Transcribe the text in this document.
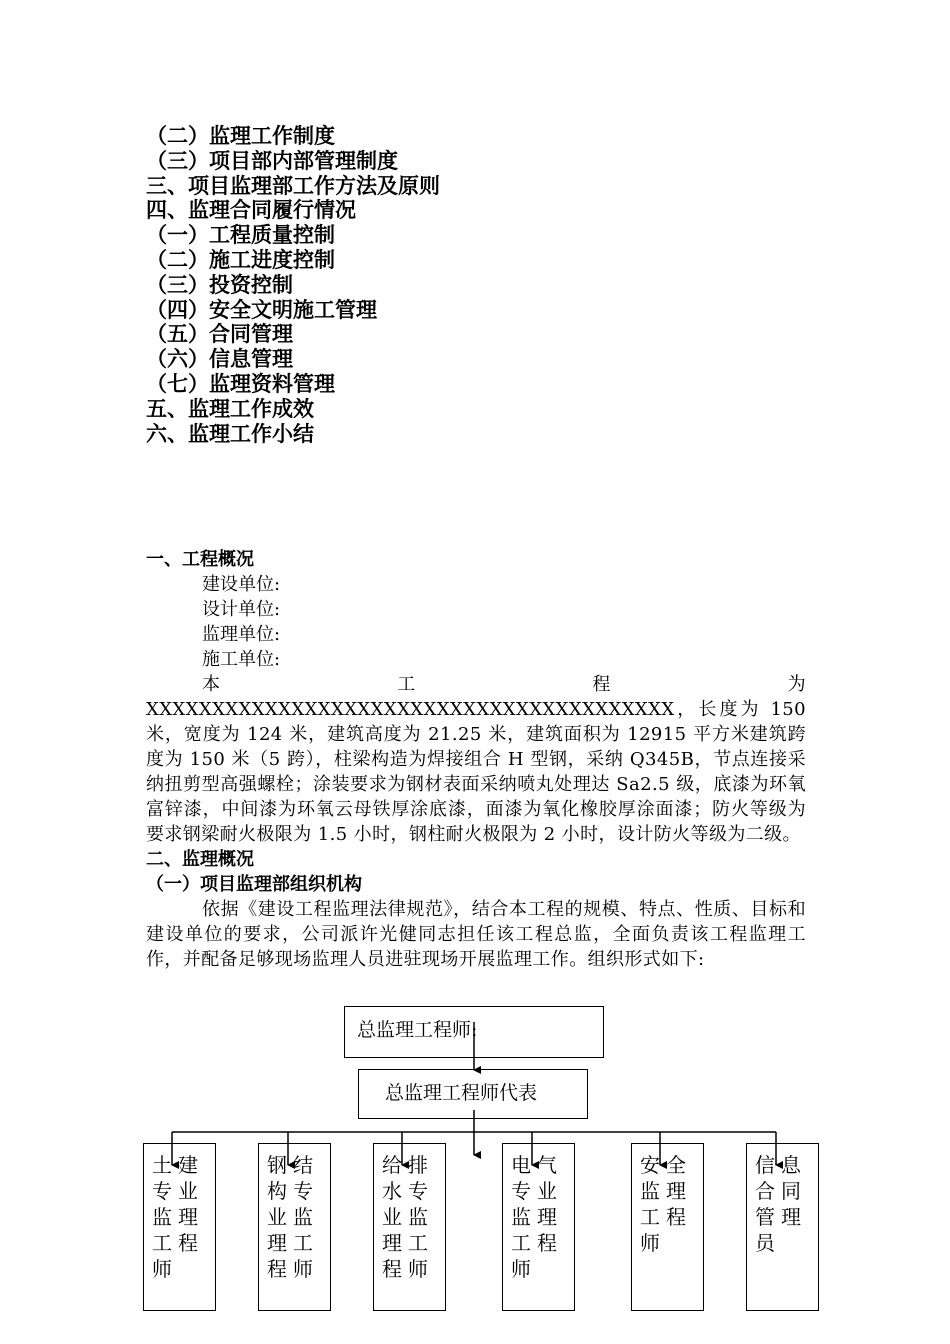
（二）监理工作制度
（三）项目部内部管理制度
三、项目监理部工作方法及原则
四、监理合同履行情况
（一）工程质量控制
（二）施工进度控制
（三）投资控制
（四）安全文明施工管理
（五）合同管理
（六）信息管理
（七）监理资料管理
五、监理工作成效
六、监理工作小结
一、工程概况
建设单位:
设计单位:
监理单位:
施工单位:
本工程为 XXXXXXXXXXXXXXXXXXXXXXXXXXXXXXXXXXXXXXXX，长度为 150 米，宽度为 124 米，建筑高度为 21.25 米，建筑面积为 12915 平方米建筑跨度为 150 米（5 跨），柱梁构造为焊接组合 H 型钢，采纳 Q345B，节点连接采纳扭剪型高强螺栓；涂装要求为钢材表面采纳喷丸处理达 Sa2.5 级，底漆为环氧富锌漆，中间漆为环氧云母铁厚涂底漆，面漆为氧化橡胶厚涂面漆；防火等级为要求钢梁耐火极限为 1.5 小时，钢柱耐火极限为 2 小时，设计防火等级为二级。
二、监理概况
（一）项目监理部组织机构
依据《建设工程监理法律规范》，结合本工程的规模、特点、性质、目标和建设单位的要求，公司派许光健同志担任该工程总监，全面负责该工程监理工作，并配备足够现场监理人员进驻现场开展监理工作。组织形式如下:
总监理工程师:
总监理工程师代表
土建专业监理工程师
钢结构专业监理工程师
给排水专业监理工程师
电气专业监理工程师
安全监理工程师
信息合同管理员
